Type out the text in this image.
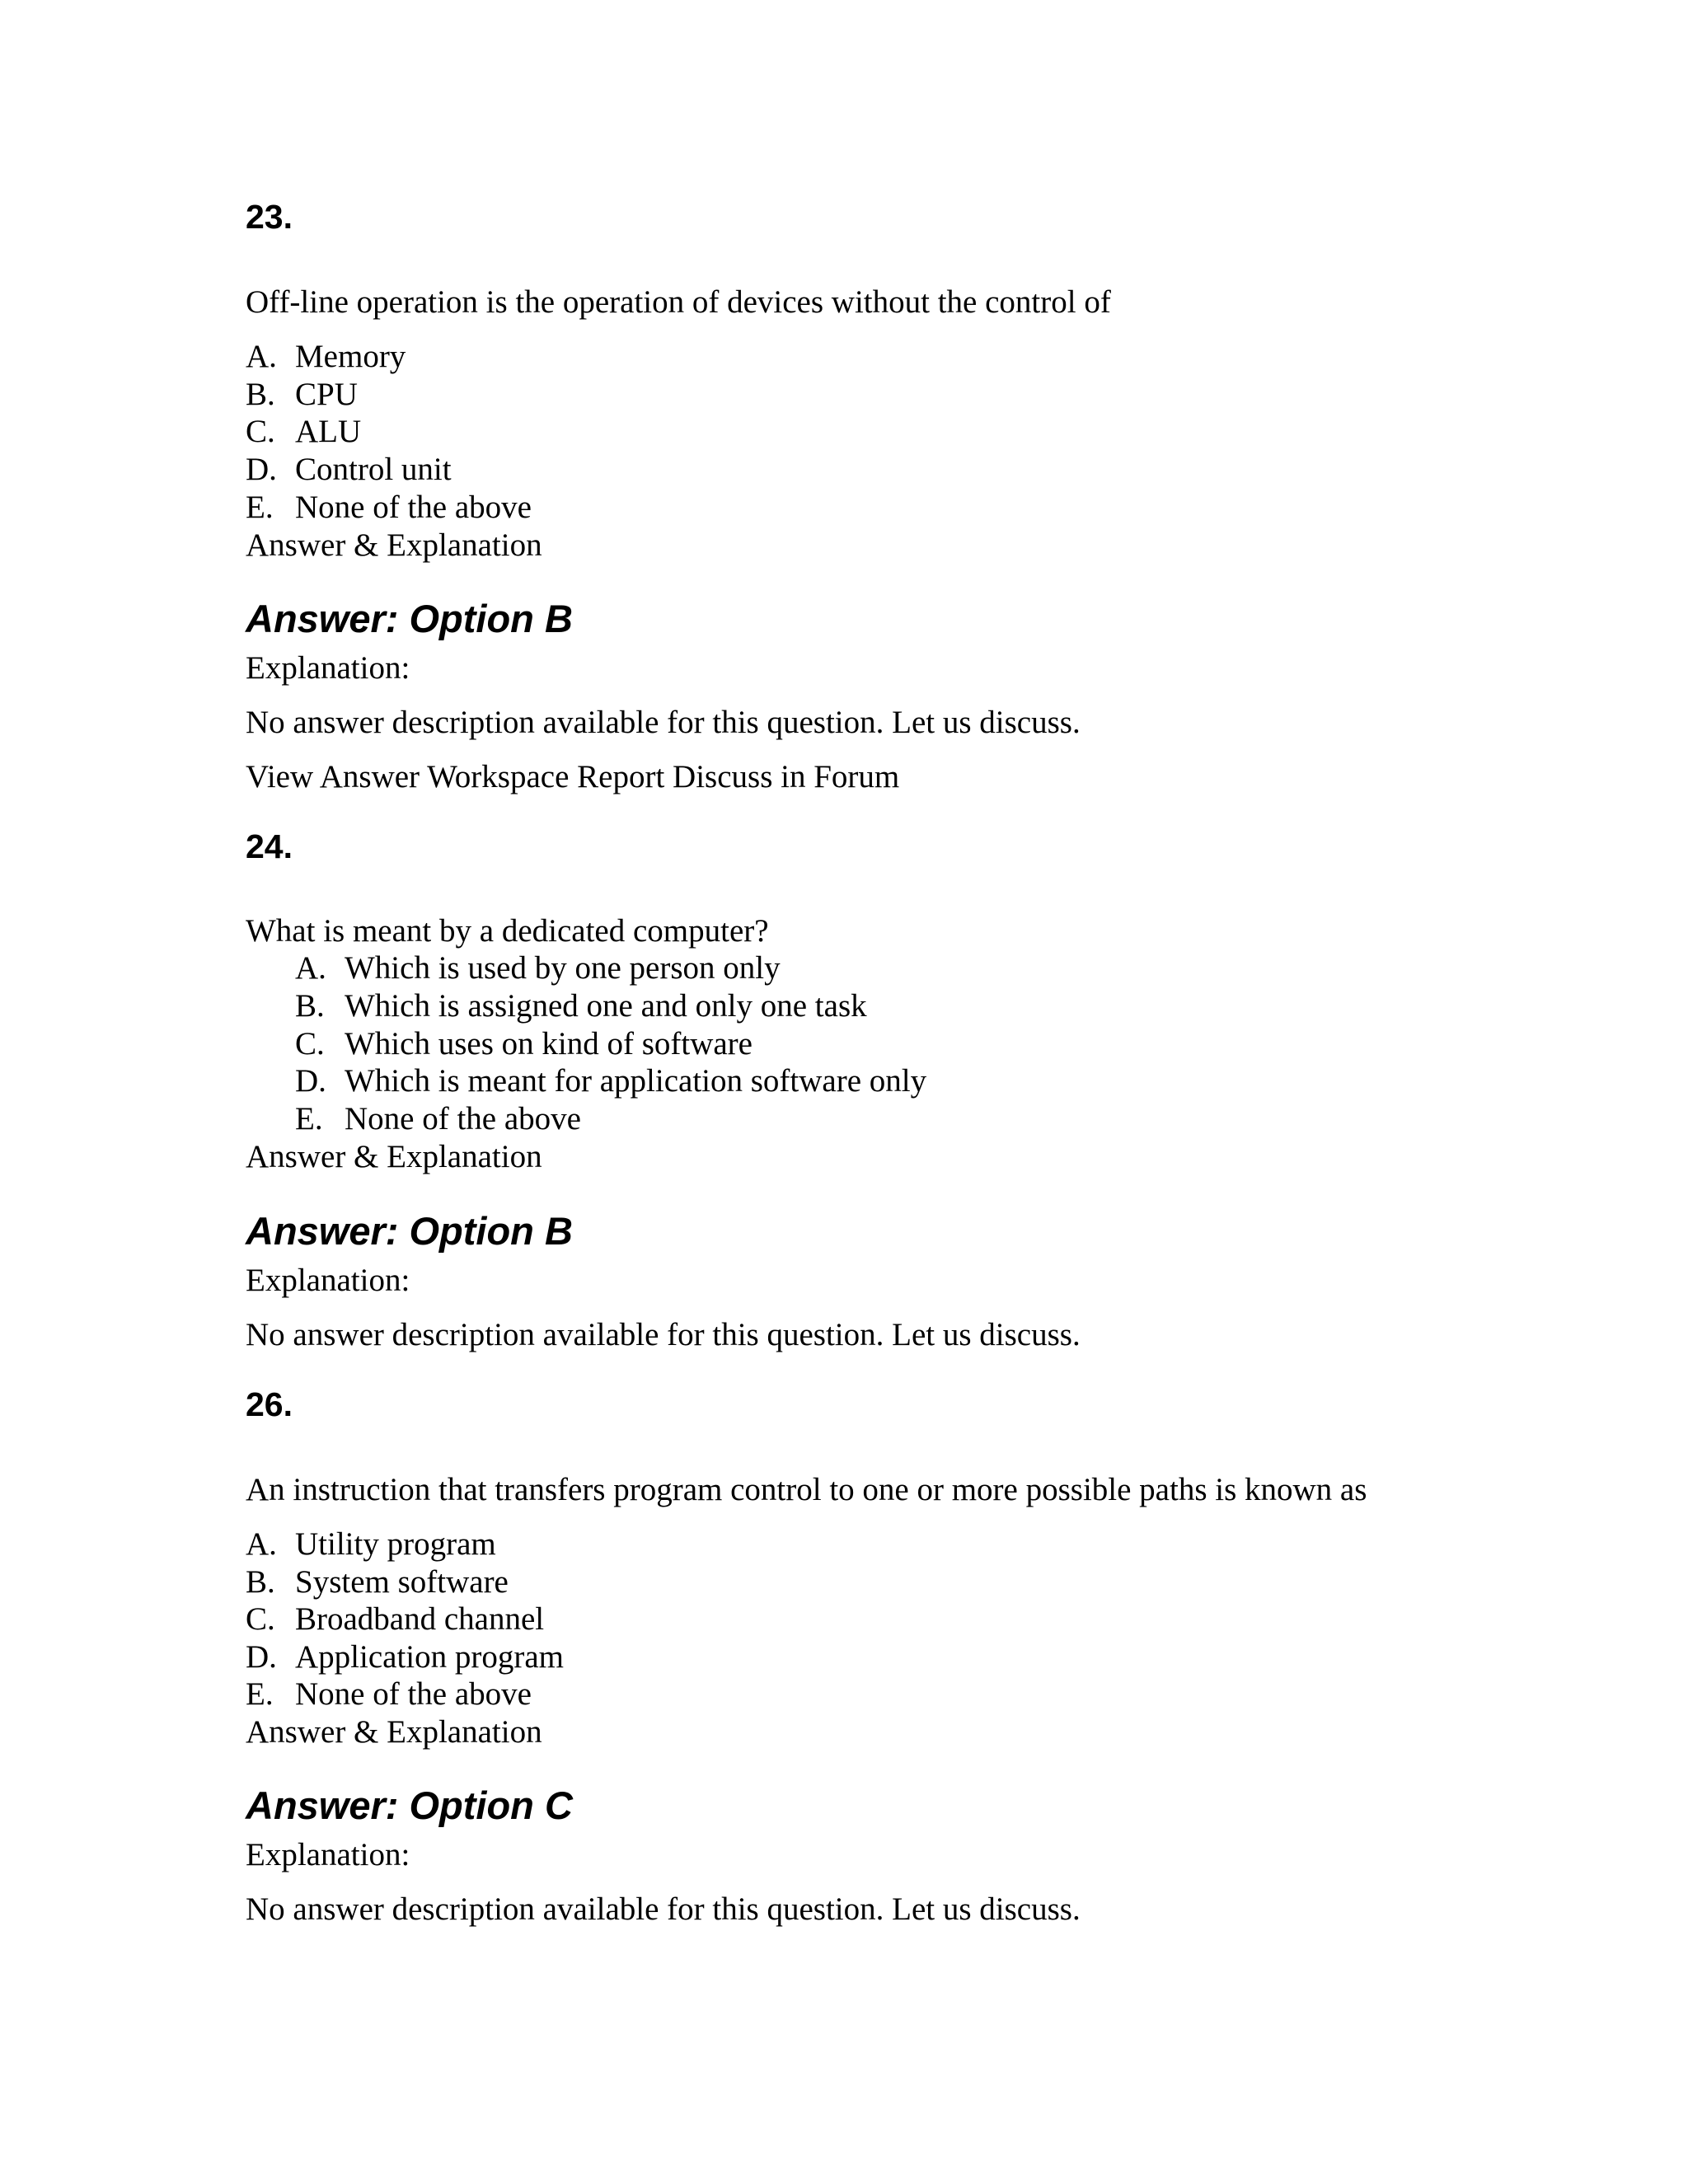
23.
Off-line operation is the operation of devices without the control of
A. Memory
B. CPU
C. ALU
D. Control unit
E. None of the above
Answer & Explanation
Answer: Option B
Explanation:
No answer description available for this question. Let us discuss.
View Answer Workspace Report Discuss in Forum
24.
What is meant by a dedicated computer?
A. Which is used by one person only
B. Which is assigned one and only one task
C. Which uses on kind of software
D. Which is meant for application software only
E. None of the above
Answer & Explanation
Answer: Option B
Explanation:
No answer description available for this question. Let us discuss.
26.
An instruction that transfers program control to one or more possible paths is known as
A. Utility program
B. System software
C. Broadband channel
D. Application program
E. None of the above
Answer & Explanation
Answer: Option C
Explanation:
No answer description available for this question. Let us discuss.
